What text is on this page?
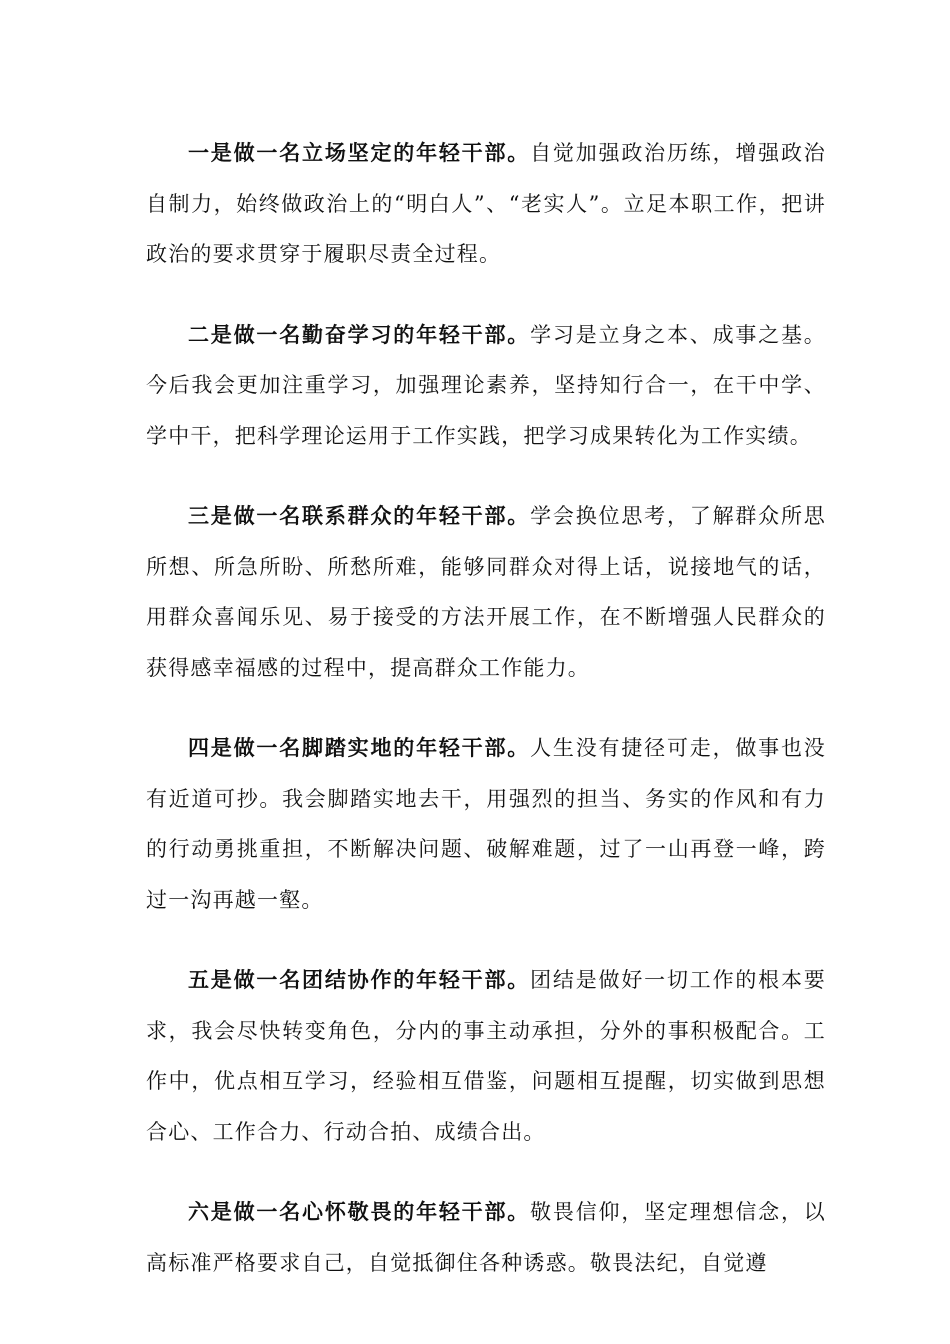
一是做一名立场坚定的年轻干部。自觉加强政治历练，增强政治自制力，始终做政治上的“明白人”、“老实人”。立足本职工作，把讲政治的要求贯穿于履职尽责全过程。

二是做一名勤奋学习的年轻干部。学习是立身之本、成事之基。今后我会更加注重学习，加强理论素养，坚持知行合一，在干中学、学中干，把科学理论运用于工作实践，把学习成果转化为工作实绩。

三是做一名联系群众的年轻干部。学会换位思考，了解群众所思所想、所急所盼、所愁所难，能够同群众对得上话，说接地气的话，用群众喜闻乐见、易于接受的方法开展工作，在不断增强人民群众的获得感幸福感的过程中，提高群众工作能力。

四是做一名脚踏实地的年轻干部。人生没有捷径可走，做事也没有近道可抄。我会脚踏实地去干，用强烈的担当、务实的作风和有力的行动勇挑重担，不断解决问题、破解难题，过了一山再登一峰，跨过一沟再越一壑。

五是做一名团结协作的年轻干部。团结是做好一切工作的根本要求，我会尽快转变角色，分内的事主动承担，分外的事积极配合。工作中，优点相互学习，经验相互借鉴，问题相互提醒，切实做到思想合心、工作合力、行动合拍、成绩合出。

六是做一名心怀敬畏的年轻干部。敬畏信仰，坚定理想信念，以高标准严格要求自己，自觉抵御住各种诱惑。敬畏法纪，自觉遵
